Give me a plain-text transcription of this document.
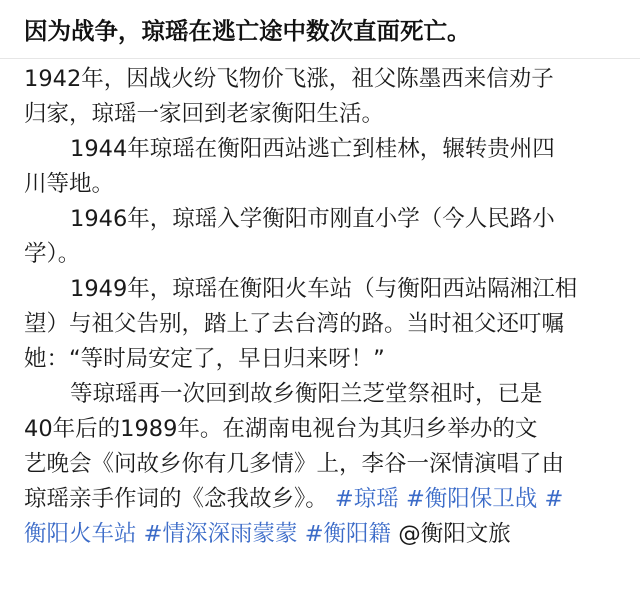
因为战争，琼瑶在逃亡途中数次直面死亡。
1942年，因战火纷飞物价飞涨，祖父陈墨西来信劝子
归家，琼瑶一家回到老家衡阳生活。
1944年琼瑶在衡阳西站逃亡到桂林，辗转贵州四
川等地。
1946年，琼瑶入学衡阳市刚直小学（今人民路小
学）。
1949年，琼瑶在衡阳火车站（与衡阳西站隔湘江相
望）与祖父告别，踏上了去台湾的路。当时祖父还叮嘱
她：“等时局安定了，早日归来呀！”
等琼瑶再一次回到故乡衡阳兰芝堂祭祖时，已是
40年后的1989年。在湖南电视台为其归乡举办的文
艺晚会《问故乡你有几多情》上，李谷一深情演唱了由
琼瑶亲手作词的《念我故乡》。 #琼瑶 #衡阳保卫战 #
衡阳火车站 #情深深雨蒙蒙 #衡阳籍 @衡阳文旅
